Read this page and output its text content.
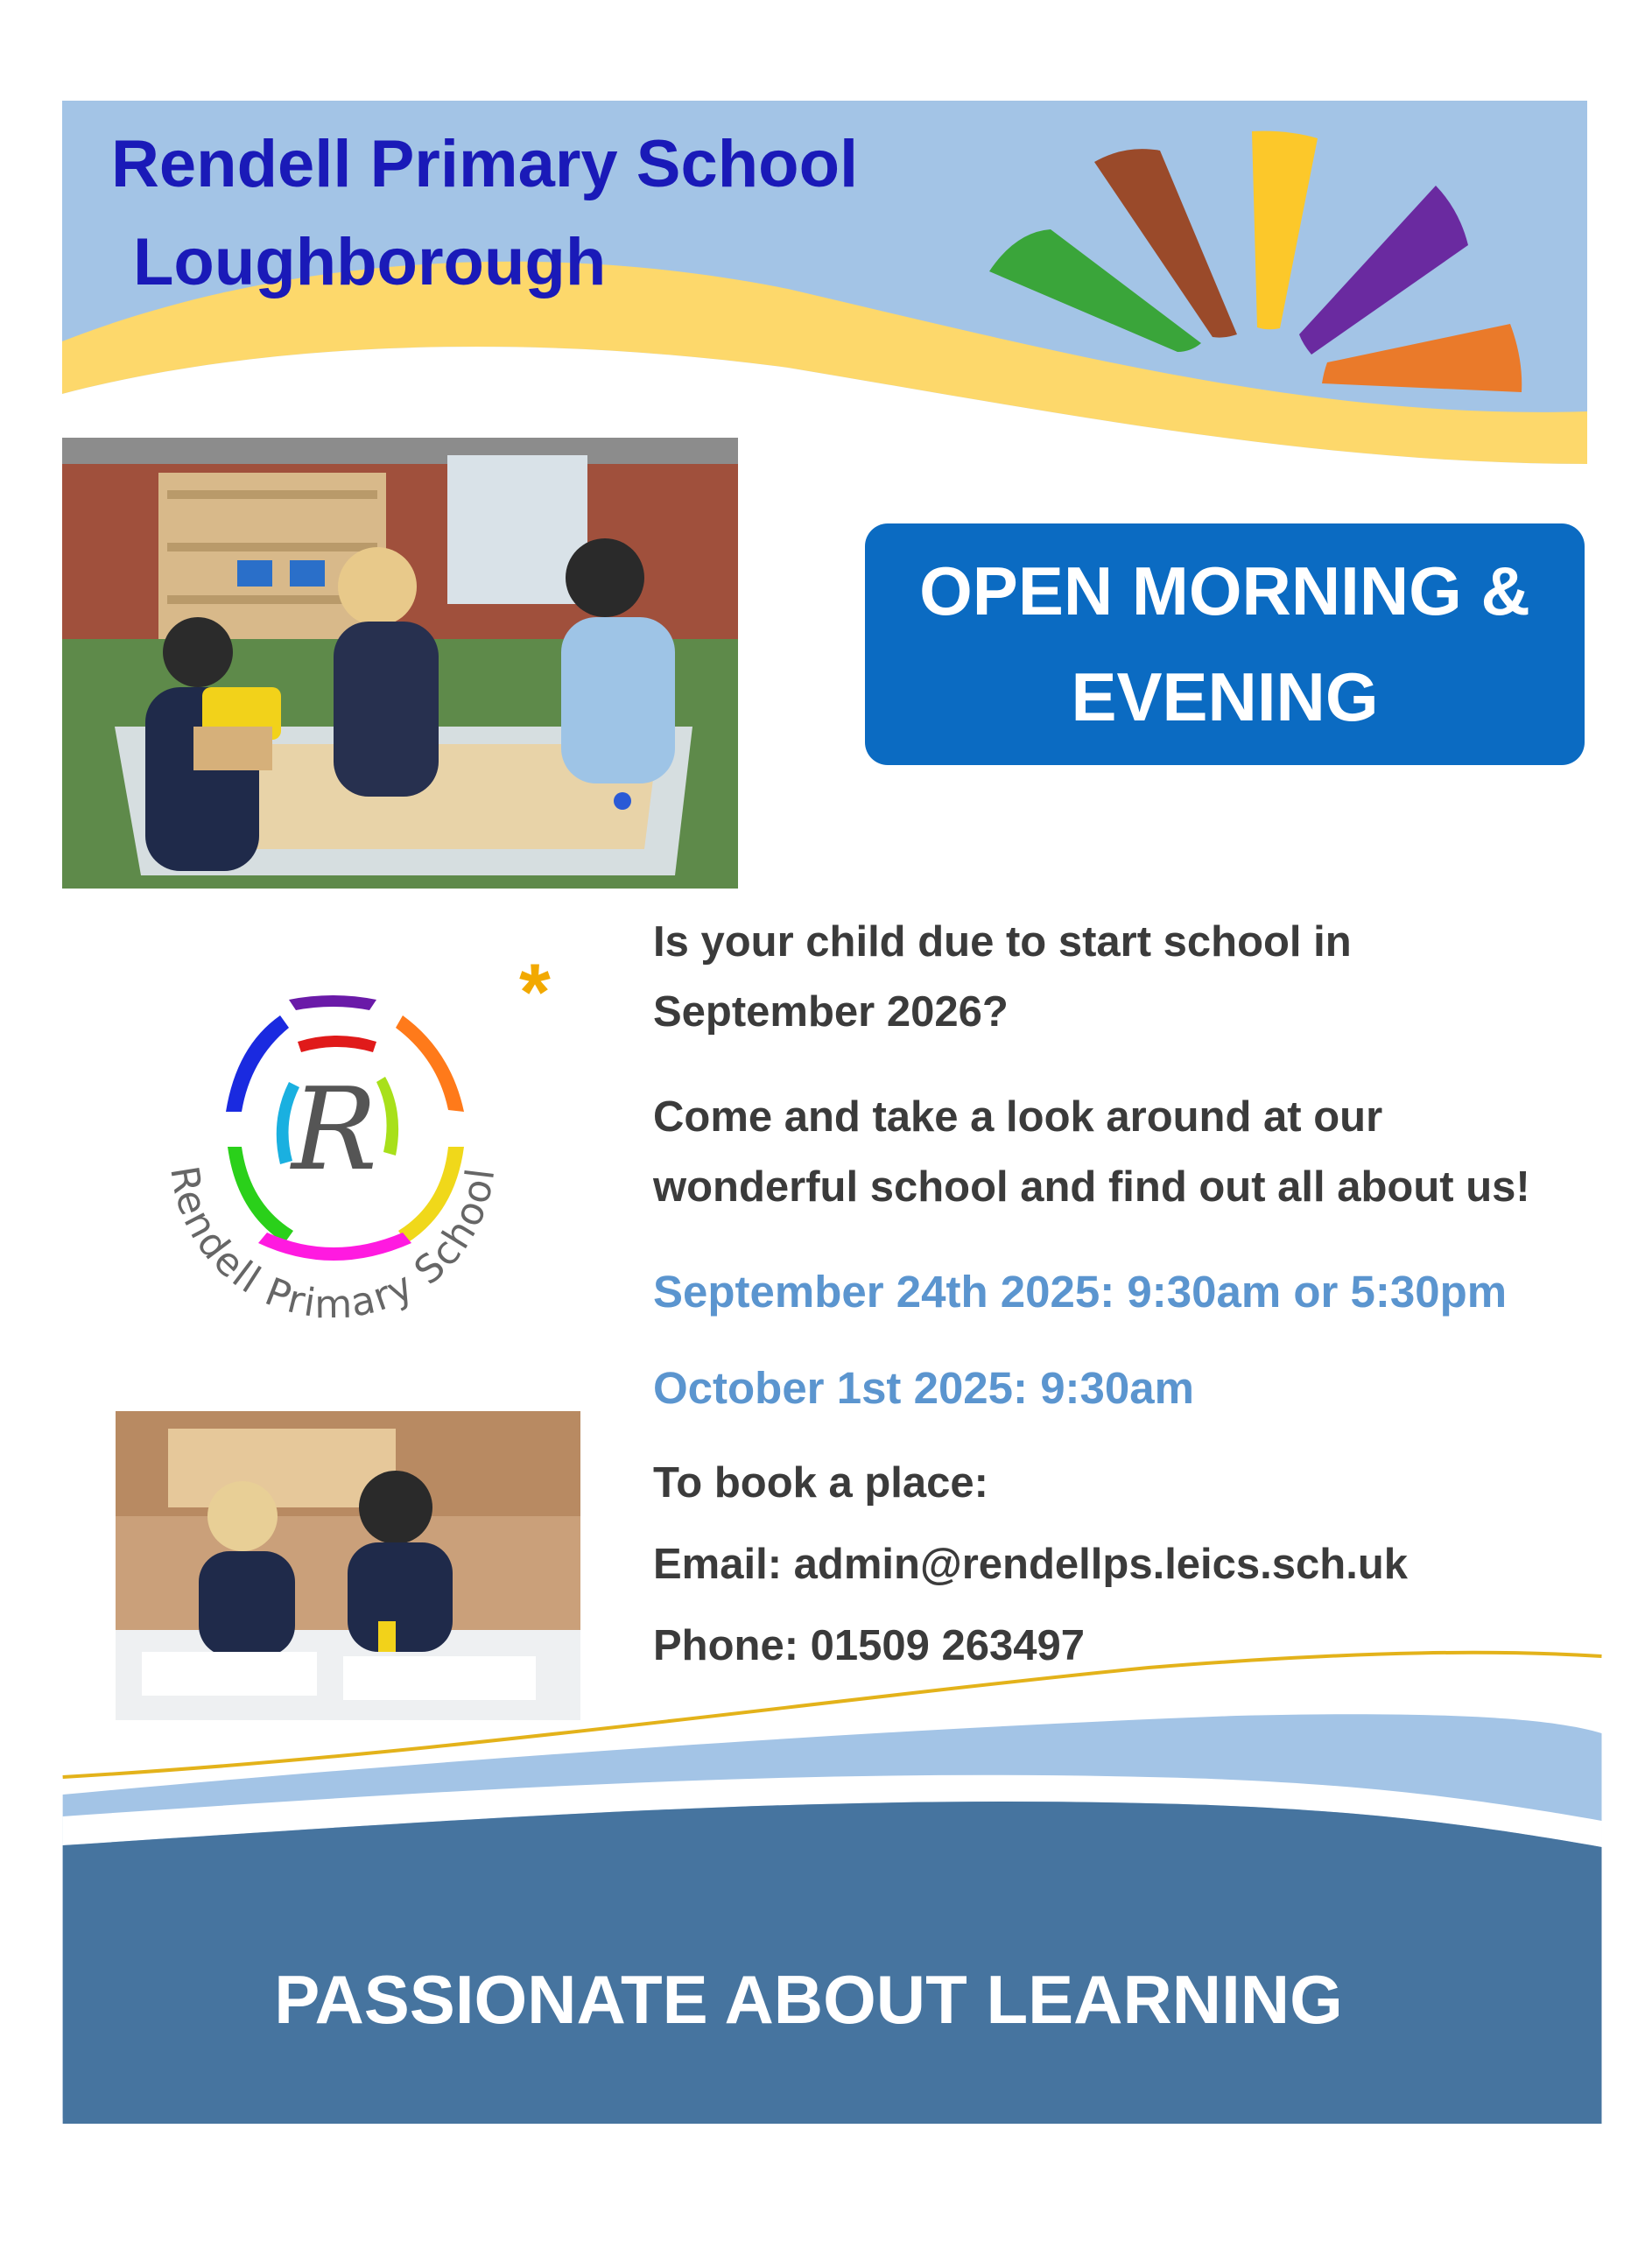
Rendell Primary School
Loughborough
OPEN MORNING &
EVENING
*
R
Rendell Primary School
Is your child due to start school in
September 2026?
Come and take a look around at our
wonderful school and find out all about us!
September 24th 2025: 9:30am or 5:30pm
October 1st 2025: 9:30am
To book a place:
Email: admin@rendellps.leics.sch.uk
Phone: 01509 263497
PASSIONATE ABOUT LEARNING
